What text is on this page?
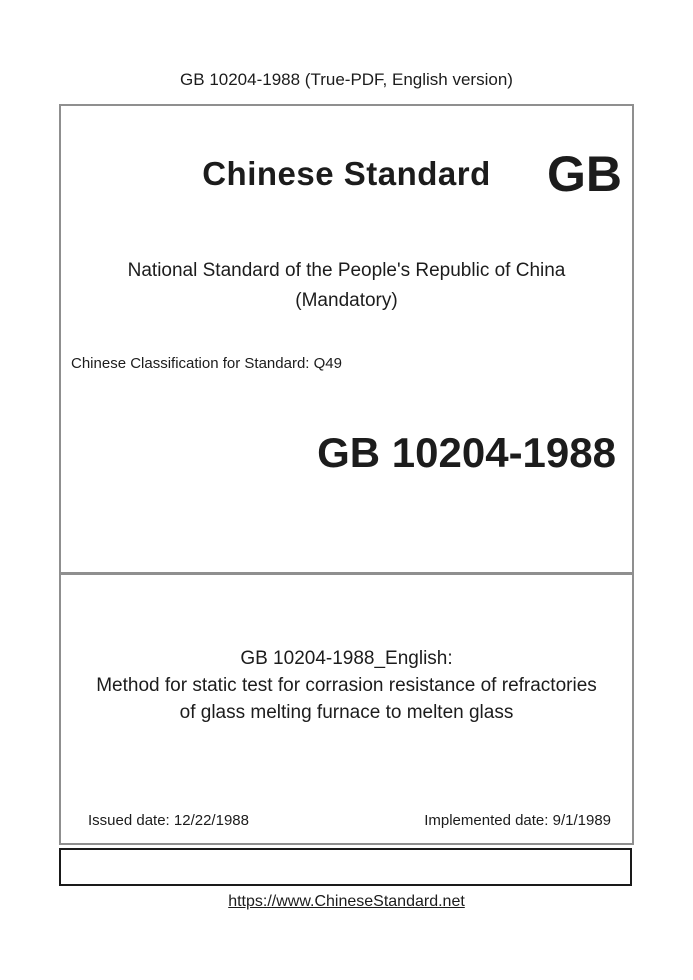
GB 10204-1988 (True-PDF, English version)
Chinese Standard	GB
National Standard of the People's Republic of China
(Mandatory)
Chinese Classification for Standard: Q49
GB 10204-1988
GB 10204-1988_English:
Method for static test for corrasion resistance of refractories
of glass melting furnace to melten glass
Issued date: 12/22/1988	Implemented date: 9/1/1989
https://www.ChineseStandard.net
